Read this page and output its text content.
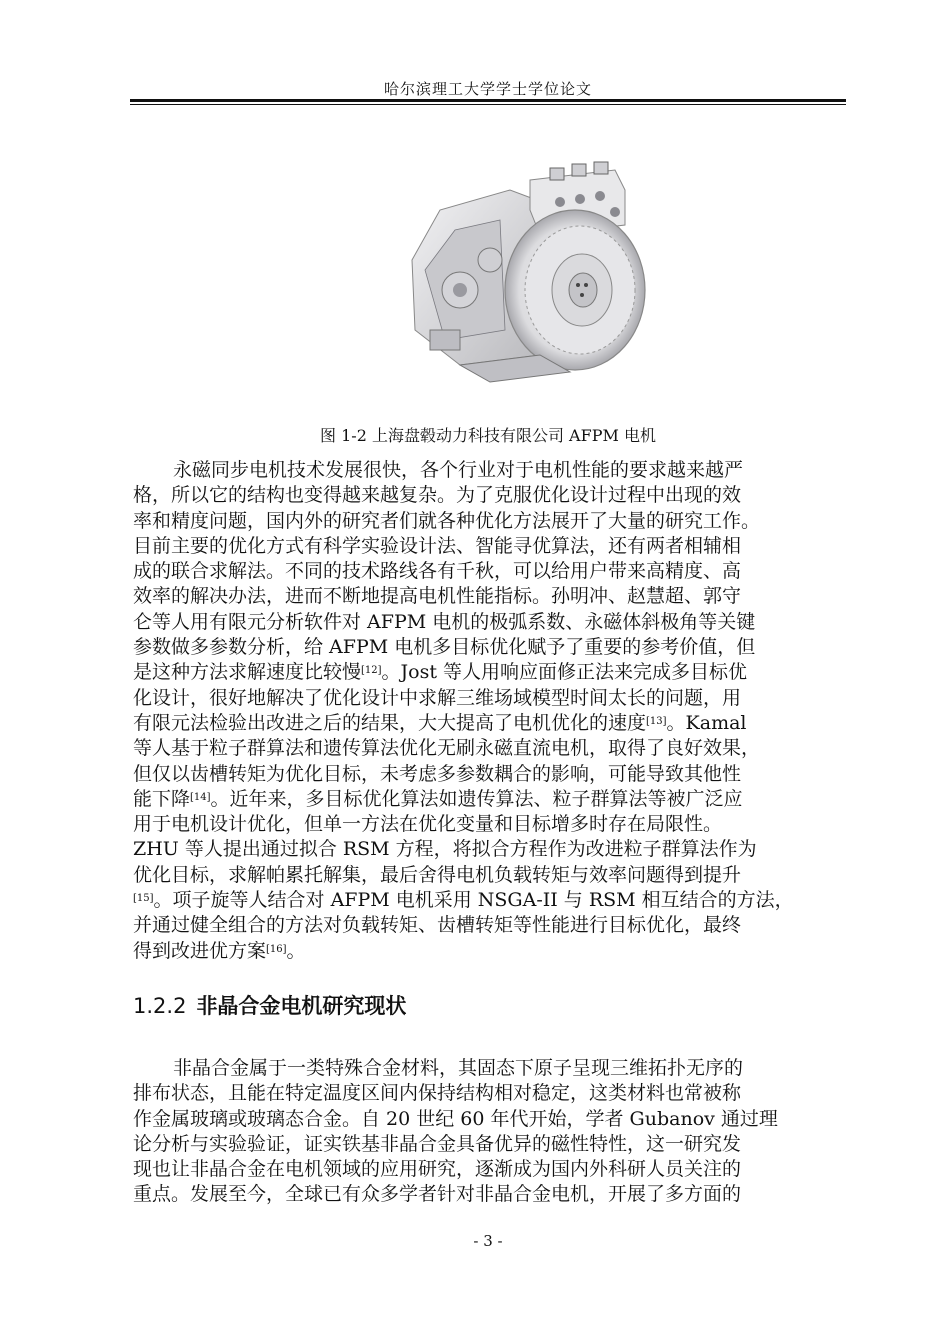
哈尔滨理工大学学士学位论文
图 1-2 上海盘毂动力科技有限公司 AFPM 电机

永磁同步电机技术发展很快，各个行业对于电机性能的要求越来越严
格，所以它的结构也变得越来越复杂。为了克服优化设计过程中出现的效
率和精度问题，国内外的研究者们就各种优化方法展开了大量的研究工作。
目前主要的优化方式有科学实验设计法、智能寻优算法，还有两者相辅相
成的联合求解法。不同的技术路线各有千秋，可以给用户带来高精度、高
效率的解决办法，进而不断地提高电机性能指标。孙明冲、赵慧超、郭守
仑等人用有限元分析软件对 AFPM 电机的极弧系数、永磁体斜极角等关键
参数做多参数分析，给 AFPM 电机多目标优化赋予了重要的参考价值，但
是这种方法求解速度比较慢[12]。Jost 等人用响应面修正法来完成多目标优
化设计，很好地解决了优化设计中求解三维场域模型时间太长的问题，用
有限元法检验出改进之后的结果，大大提高了电机优化的速度[13]。Kamal
等人基于粒子群算法和遗传算法优化无刷永磁直流电机，取得了良好效果，
但仅以齿槽转矩为优化目标，未考虑多参数耦合的影响，可能导致其他性
能下降[14]。近年来，多目标优化算法如遗传算法、粒子群算法等被广泛应
用于电机设计优化，但单一方法在优化变量和目标增多时存在局限性。
ZHU 等人提出通过拟合 RSM 方程，将拟合方程作为改进粒子群算法作为
优化目标，求解帕累托解集，最后舍得电机负载转矩与效率问题得到提升
[15]。项子旋等人结合对 AFPM 电机采用 NSGA-II 与 RSM 相互结合的方法，
并通过健全组合的方法对负载转矩、齿槽转矩等性能进行目标优化，最终
得到改进优方案[16]。

1.2.2 非晶合金电机研究现状

非晶合金属于一类特殊合金材料，其固态下原子呈现三维拓扑无序的
排布状态，且能在特定温度区间内保持结构相对稳定，这类材料也常被称
作金属玻璃或玻璃态合金。自 20 世纪 60 年代开始，学者 Gubanov 通过理
论分析与实验验证，证实铁基非晶合金具备优异的磁性特性，这一研究发
现也让非晶合金在电机领域的应用研究，逐渐成为国内外科研人员关注的
重点。发展至今，全球已有众多学者针对非晶合金电机，开展了多方面的

- 3 -
